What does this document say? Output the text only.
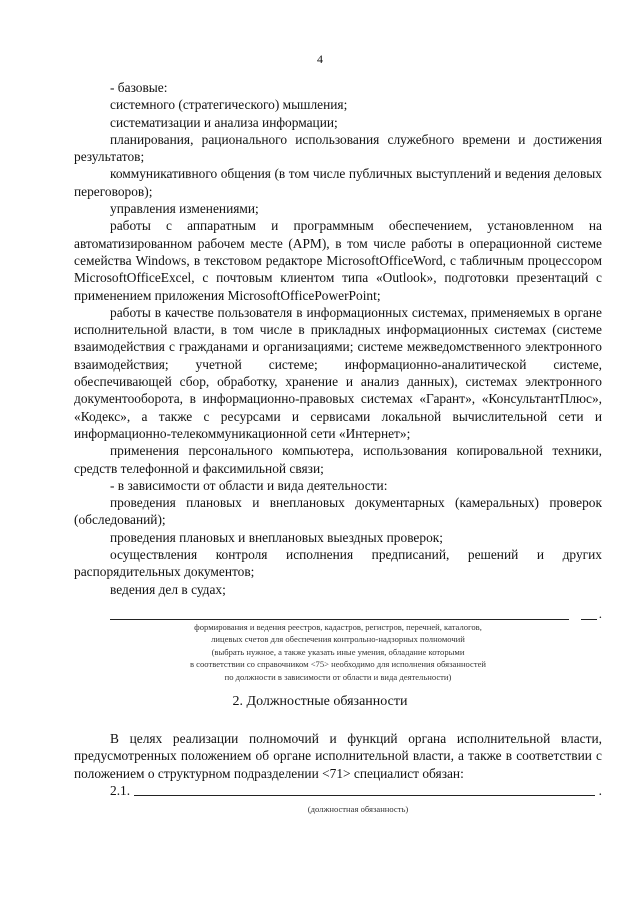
4

- базовые:

системного (стратегического) мышления;

систематизации и анализа информации;

планирования, рационального использования служебного времени и достижения результатов;

коммуникативного общения (в том числе публичных выступлений и ведения деловых переговоров);

управления изменениями;

работы с аппаратным и программным обеспечением, установленном на автоматизированном рабочем месте (АРМ), в том числе работы в операционной системе семейства Windows, в текстовом редакторе MicrosoftOfficeWord, с табличным процессором MicrosoftOfficeExcel, с почтовым клиентом типа «Outlook», подготовки презентаций с применением приложения MicrosoftOfficePowerPoint;

работы в качестве пользователя в информационных системах, применяемых в органе исполнительной власти, в том числе в прикладных информационных системах (системе взаимодействия с гражданами и организациями; системе межведомственного электронного взаимодействия; учетной системе; информационно-аналитической системе, обеспечивающей сбор, обработку, хранение и анализ данных), системах электронного документооборота, в информационно-правовых системах «Гарант», «КонсультантПлюс», «Кодекс», а также с ресурсами и сервисами локальной вычислительной сети и информационно-телекоммуникационной сети «Интернет»;

применения персонального компьютера, использования копировальной техники, средств телефонной и факсимильной связи;

- в зависимости от области и вида деятельности:

проведения плановых и внеплановых документарных (камеральных) проверок (обследований);

проведения плановых и внеплановых выездных проверок;

осуществления контроля исполнения предписаний, решений и других распорядительных документов;

ведения дел в судах;

.
формирования и ведения реестров, кадастров, регистров, перечней, каталогов,
лицевых счетов для обеспечения контрольно-надзорных полномочий
(выбрать нужное, а также указать иные умения, обладание которыми
в соответствии со справочником <75> необходимо для исполнения обязанностей
по должности в зависимости от области и вида деятельности)
2. Должностные обязанности

В целях реализации полномочий и функций органа исполнительной власти, предусмотренных положением об органе исполнительной власти, а также в соответствии с положением о структурном подразделении <71> специалист обязан:

2.1.	.
(должностная обязанность)
